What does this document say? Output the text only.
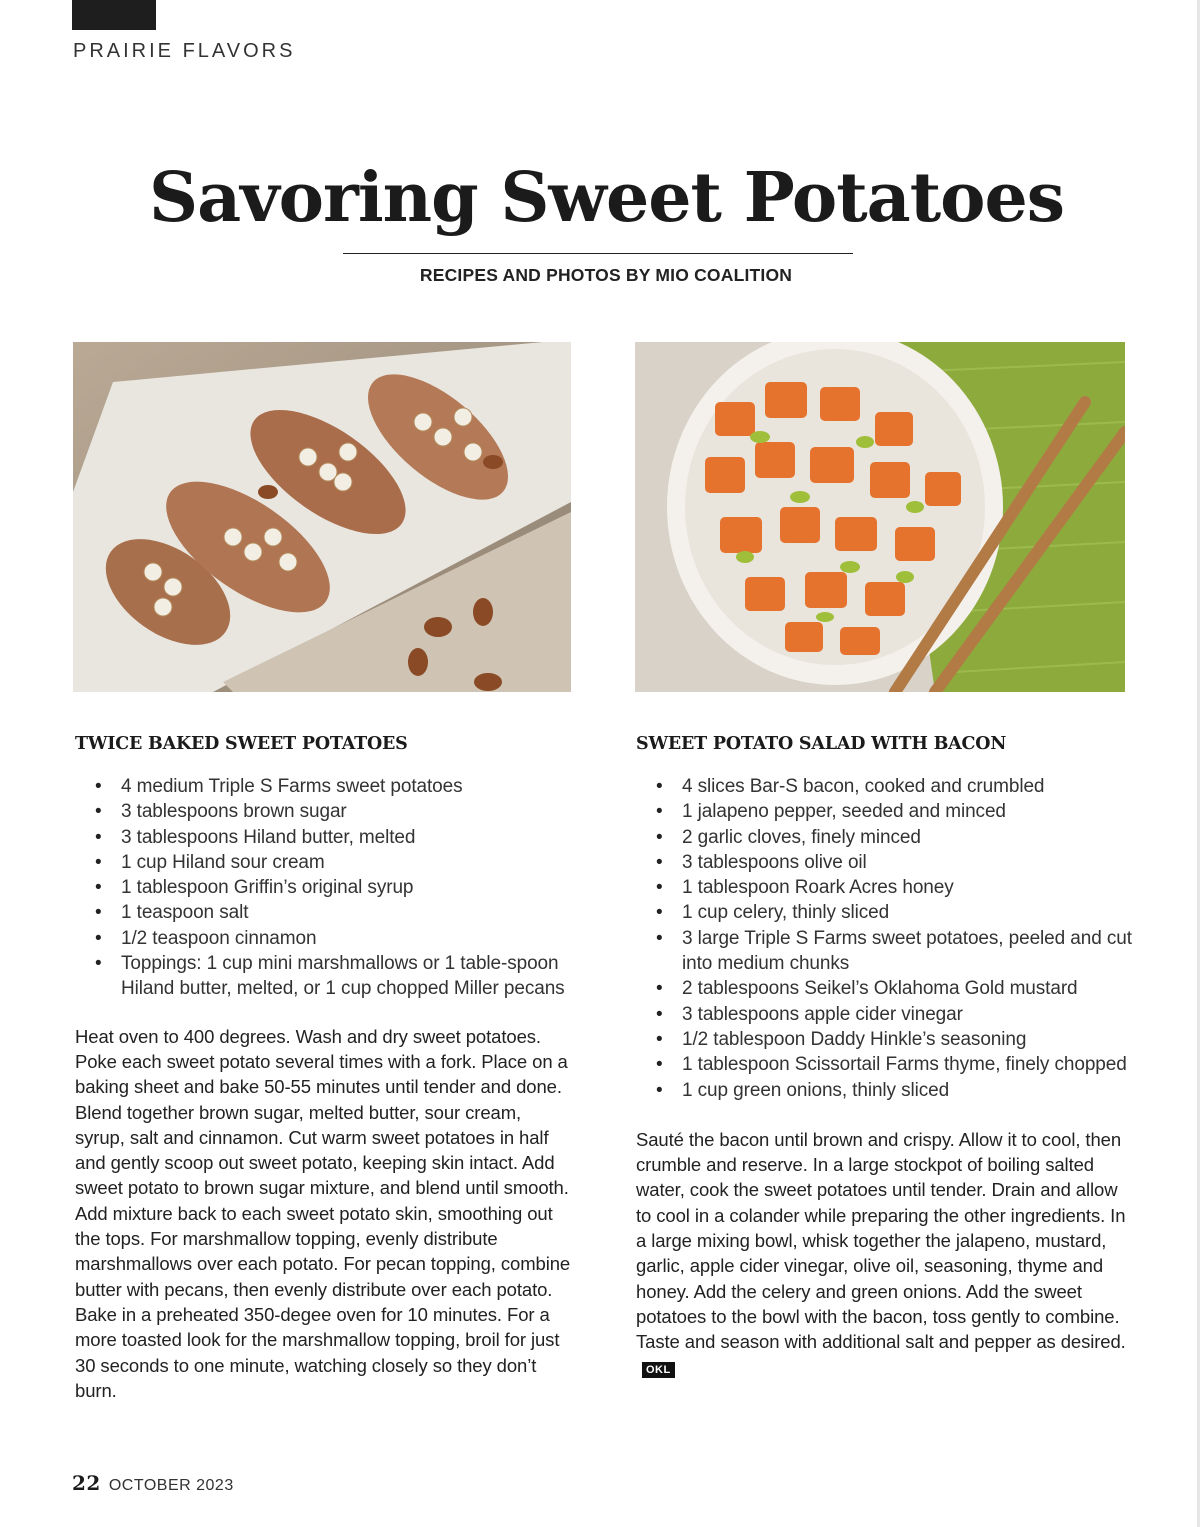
PRAIRIE FLAVORS
Savoring Sweet Potatoes
RECIPES AND PHOTOS BY MIO COALITION
TWICE BAKED SWEET POTATOES
• 4 medium Triple S Farms sweet potatoes
• 3 tablespoons brown sugar
• 3 tablespoons Hiland butter, melted
• 1 cup Hiland sour cream
• 1 tablespoon Griffin’s original syrup
• 1 teaspoon salt
• 1/2 teaspoon cinnamon
• Toppings: 1 cup mini marshmallows or 1 table-spoon Hiland butter, melted, or 1 cup chopped Miller pecans

Heat oven to 400 degrees. Wash and dry sweet potatoes. Poke each sweet potato several times with a fork. Place on a baking sheet and bake 50-55 minutes until tender and done. Blend together brown sugar, melted butter, sour cream, syrup, salt and cinnamon. Cut warm sweet potatoes in half and gently scoop out sweet potato, keeping skin intact. Add sweet potato to brown sugar mixture, and blend until smooth. Add mixture back to each sweet potato skin, smoothing out the tops. For marshmallow topping, evenly distribute marshmallows over each potato. For pecan topping, combine butter with pecans, then evenly distribute over each potato. Bake in a preheated 350-degee oven for 10 minutes. For a more toasted look for the marshmallow topping, broil for just 30 seconds to one minute, watching closely so they don’t burn.

SWEET POTATO SALAD WITH BACON
• 4 slices Bar-S bacon, cooked and crumbled
• 1 jalapeno pepper, seeded and minced
• 2 garlic cloves, finely minced
• 3 tablespoons olive oil
• 1 tablespoon Roark Acres honey
• 1 cup celery, thinly sliced
• 3 large Triple S Farms sweet potatoes, peeled and cut into medium chunks
• 2 tablespoons Seikel’s Oklahoma Gold mustard
• 3 tablespoons apple cider vinegar
• 1/2 tablespoon Daddy Hinkle’s seasoning
• 1 tablespoon Scissortail Farms thyme, finely chopped
• 1 cup green onions, thinly sliced

Sauté the bacon until brown and crispy. Allow it to cool, then crumble and reserve. In a large stockpot of boiling salted water, cook the sweet potatoes until tender. Drain and allow to cool in a colander while preparing the other ingredients. In a large mixing bowl, whisk together the jalapeno, mustard, garlic, apple cider vinegar, olive oil, seasoning, thyme and honey. Add the celery and green onions. Add the sweet potatoes to the bowl with the bacon, toss gently to combine. Taste and season with additional salt and pepper as desired.OKL

22 OCTOBER 2023
